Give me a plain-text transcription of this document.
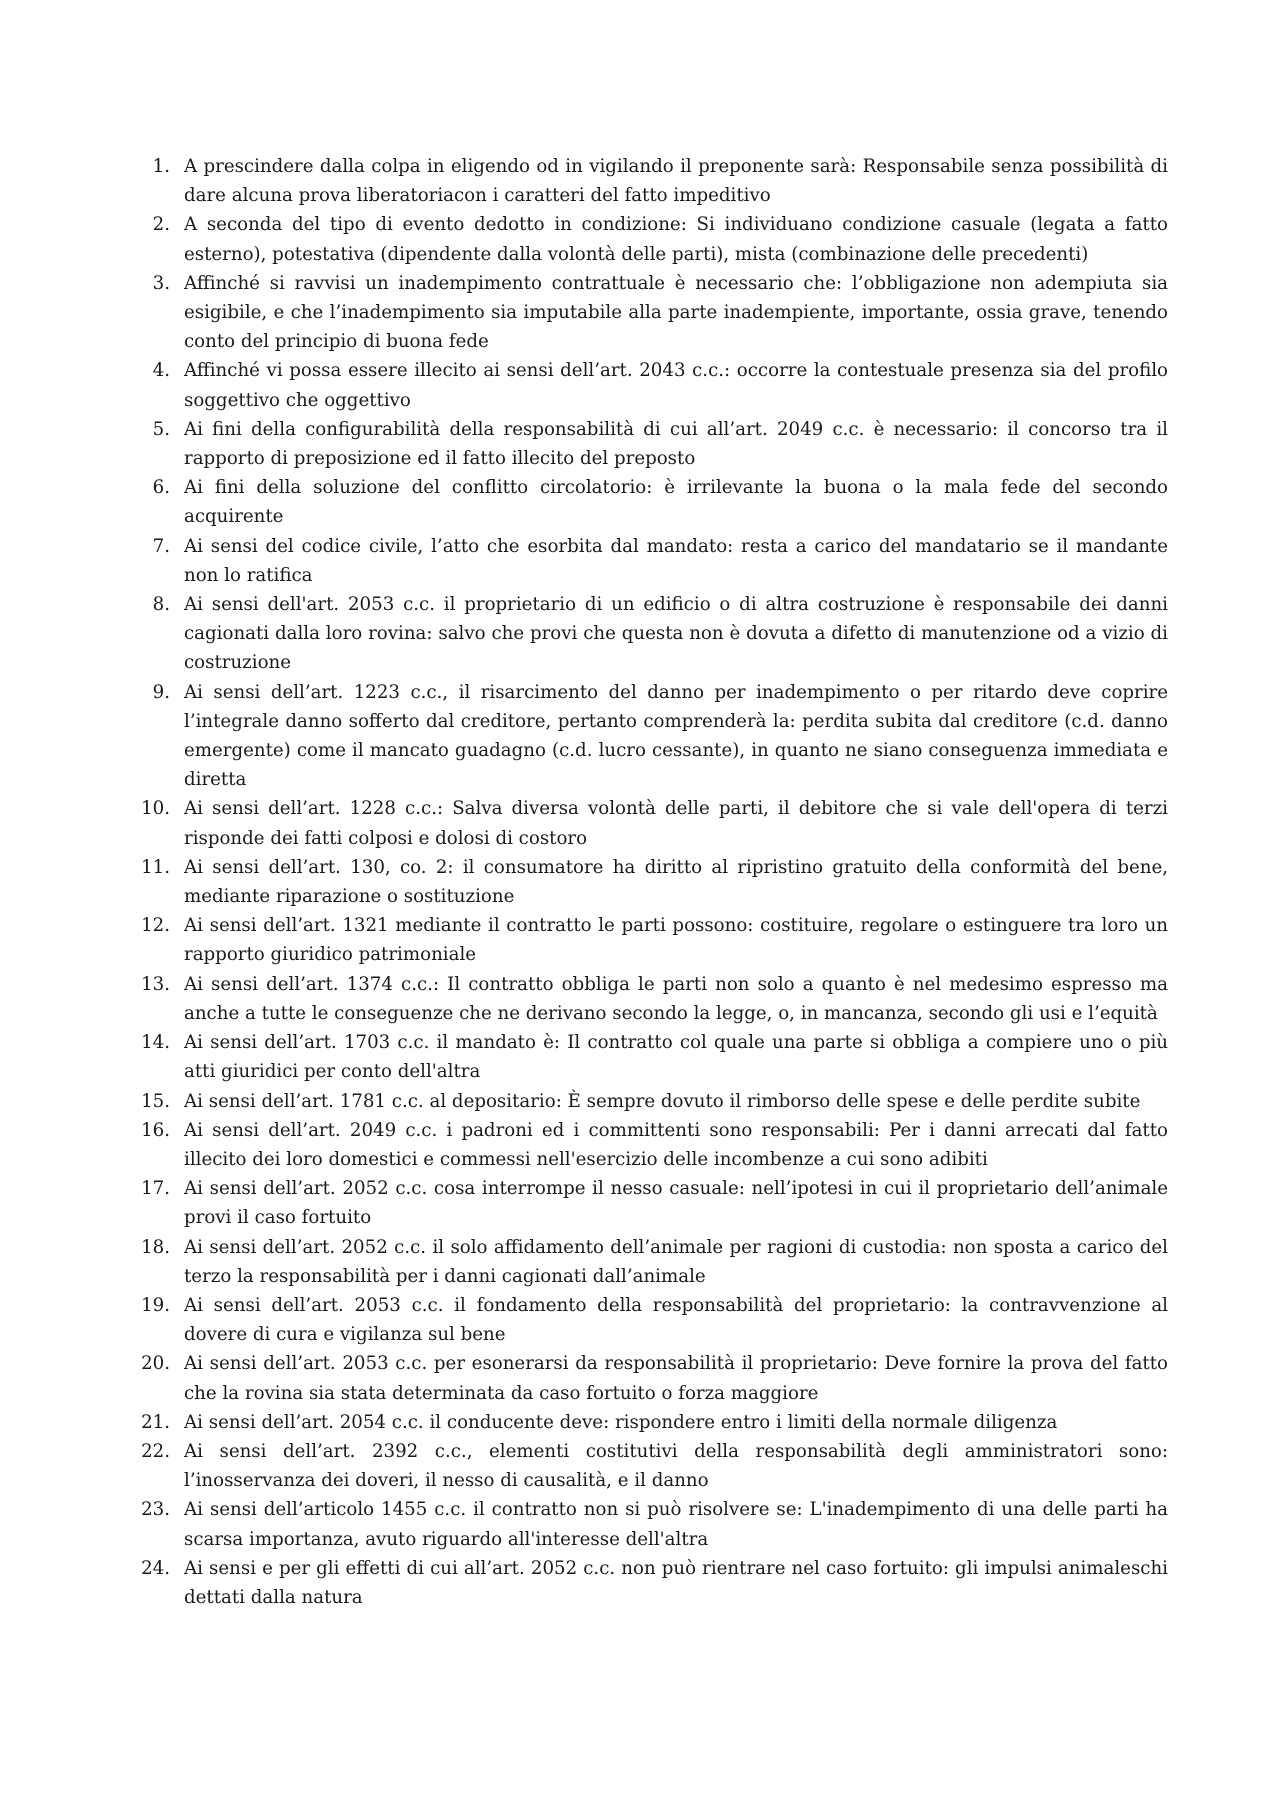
1. A prescindere dalla colpa in eligendo od in vigilando il preponente sarà: Responsabile senza possibilità di dare alcuna prova liberatoriacon i caratteri del fatto impeditivo
2. A seconda del tipo di evento dedotto in condizione: Si individuano condizione casuale (legata a fatto esterno), potestativa (dipendente dalla volontà delle parti), mista (combinazione delle precedenti)
3. Affinché si ravvisi un inadempimento contrattuale è necessario che: l’obbligazione non adempiuta sia esigibile, e che l’inadempimento sia imputabile alla parte inadempiente, importante, ossia grave, tenendo conto del principio di buona fede
4. Affinché vi possa essere illecito ai sensi dell’art. 2043 c.c.: occorre la contestuale presenza sia del profilo soggettivo che oggettivo
5. Ai fini della configurabilità della responsabilità di cui all’art. 2049 c.c. è necessario: il concorso tra il rapporto di preposizione ed il fatto illecito del preposto
6. Ai fini della soluzione del conflitto circolatorio: è irrilevante la buona o la mala fede del secondo acquirente
7. Ai sensi del codice civile, l’atto che esorbita dal mandato: resta a carico del mandatario se il mandante non lo ratifica
8. Ai sensi dell'art. 2053 c.c. il proprietario di un edificio o di altra costruzione è responsabile dei danni cagionati dalla loro rovina: salvo che provi che questa non è dovuta a difetto di manutenzione od a vizio di costruzione
9. Ai sensi dell’art. 1223 c.c., il risarcimento del danno per inadempimento o per ritardo deve coprire l’integrale danno sofferto dal creditore, pertanto comprenderà la: perdita subita dal creditore (c.d. danno emergente) come il mancato guadagno (c.d. lucro cessante), in quanto ne siano conseguenza immediata e diretta
10. Ai sensi dell’art. 1228 c.c.: Salva diversa volontà delle parti, il debitore che si vale dell'opera di terzi risponde dei fatti colposi e dolosi di costoro
11. Ai sensi dell’art. 130, co. 2: il consumatore ha diritto al ripristino gratuito della conformità del bene, mediante riparazione o sostituzione
12. Ai sensi dell’art. 1321 mediante il contratto le parti possono: costituire, regolare o estinguere tra loro un rapporto giuridico patrimoniale
13. Ai sensi dell’art. 1374 c.c.: Il contratto obbliga le parti non solo a quanto è nel medesimo espresso ma anche a tutte le conseguenze che ne derivano secondo la legge, o, in mancanza, secondo gli usi e l’equità
14. Ai sensi dell’art. 1703 c.c. il mandato è: Il contratto col quale una parte si obbliga a compiere uno o più atti giuridici per conto dell'altra
15. Ai sensi dell’art. 1781 c.c. al depositario: È sempre dovuto il rimborso delle spese e delle perdite subite
16. Ai sensi dell’art. 2049 c.c. i padroni ed i committenti sono responsabili: Per i danni arrecati dal fatto illecito dei loro domestici e commessi nell'esercizio delle incombenze a cui sono adibiti
17. Ai sensi dell’art. 2052 c.c. cosa interrompe il nesso casuale: nell’ipotesi in cui il proprietario dell’animale provi il caso fortuito
18. Ai sensi dell’art. 2052 c.c. il solo affidamento dell’animale per ragioni di custodia: non sposta a carico del terzo la responsabilità per i danni cagionati dall’animale
19. Ai sensi dell’art. 2053 c.c. il fondamento della responsabilità del proprietario: la contravvenzione al dovere di cura e vigilanza sul bene
20. Ai sensi dell’art. 2053 c.c. per esonerarsi da responsabilità il proprietario: Deve fornire la prova del fatto che la rovina sia stata determinata da caso fortuito o forza maggiore
21. Ai sensi dell’art. 2054 c.c. il conducente deve: rispondere entro i limiti della normale diligenza
22. Ai sensi dell’art. 2392 c.c., elementi costitutivi della responsabilità degli amministratori sono: l’inosservanza dei doveri, il nesso di causalità, e il danno
23. Ai sensi dell’articolo 1455 c.c. il contratto non si può risolvere se: L'inadempimento di una delle parti ha scarsa importanza, avuto riguardo all'interesse dell'altra
24. Ai sensi e per gli effetti di cui all’art. 2052 c.c. non può rientrare nel caso fortuito: gli impulsi animaleschi dettati dalla natura
